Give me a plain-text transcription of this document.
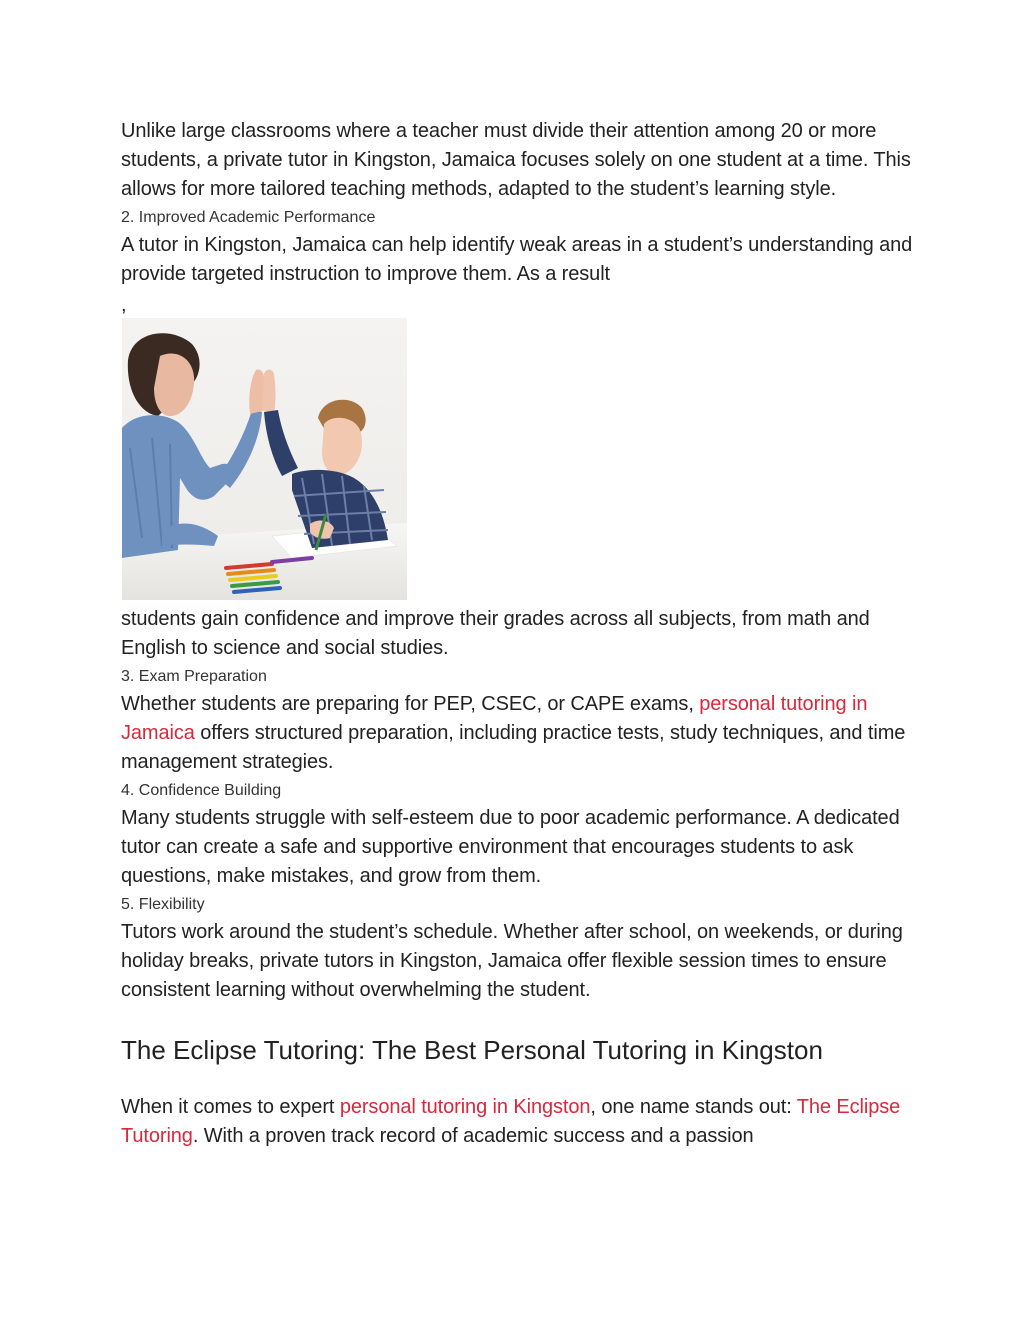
Unlike large classrooms where a teacher must divide their attention among 20 or more students, a private tutor in Kingston, Jamaica focuses solely on one student at a time. This allows for more tailored teaching methods, adapted to the student’s learning style.

2. Improved Academic Performance

A tutor in Kingston, Jamaica can help identify weak areas in a student’s understanding and provide targeted instruction to improve them. As a result

,

students gain confidence and improve their grades across all subjects, from math and English to science and social studies.

3. Exam Preparation

Whether students are preparing for PEP, CSEC, or CAPE exams, personal tutoring in Jamaica offers structured preparation, including practice tests, study techniques, and time management strategies.

4. Confidence Building

Many students struggle with self-esteem due to poor academic performance. A dedicated tutor can create a safe and supportive environment that encourages students to ask questions, make mistakes, and grow from them.

5. Flexibility

Tutors work around the student’s schedule. Whether after school, on weekends, or during holiday breaks, private tutors in Kingston, Jamaica offer flexible session times to ensure consistent learning without overwhelming the student.

The Eclipse Tutoring: The Best Personal Tutoring in Kingston

When it comes to expert personal tutoring in Kingston, one name stands out: The Eclipse Tutoring. With a proven track record of academic success and a passion
